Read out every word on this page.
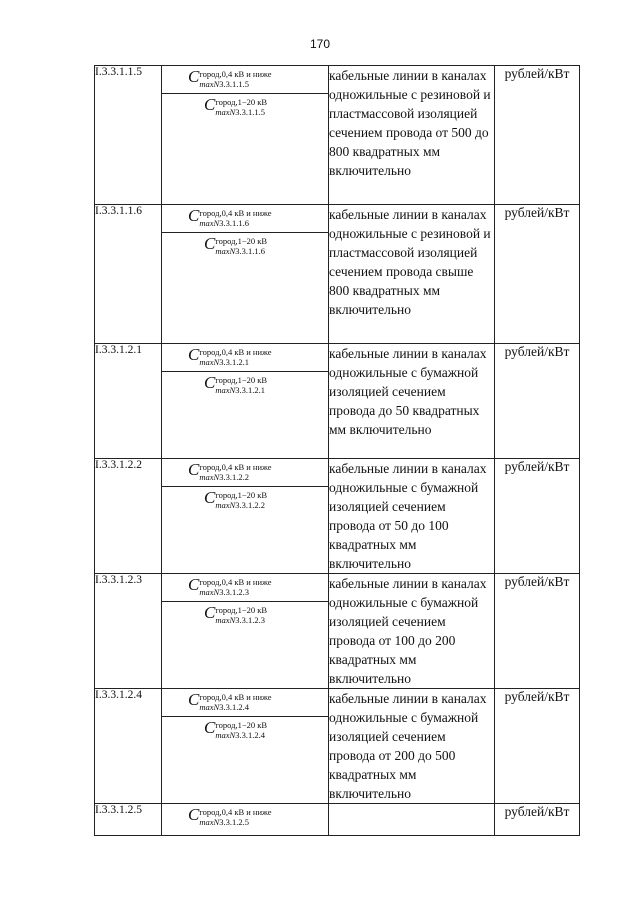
170
I.3.3.1.1.5	Cгород,0,4 кВ и ниже
maxN3.3.1.1.5
Cгород,1−20 кВ
maxN3.3.1.1.5	кабельные линии в каналах одножильные с резиновой и пластмассовой изоляцией сечением провода от 500 до 800 квадратных мм включительно	рублей/кВт
I.3.3.1.1.6	Cгород,0,4 кВ и ниже
maxN3.3.1.1.6
Cгород,1−20 кВ
maxN3.3.1.1.6	кабельные линии в каналах одножильные с резиновой и пластмассовой изоляцией сечением провода свыше 800 квадратных мм включительно	рублей/кВт
I.3.3.1.2.1	Cгород,0,4 кВ и ниже
maxN3.3.1.2.1
Cгород,1−20 кВ
maxN3.3.1.2.1	кабельные линии в каналах одножильные с бумажной изоляцией сечением провода до 50 квадратных мм включительно	рублей/кВт
I.3.3.1.2.2	Cгород,0,4 кВ и ниже
maxN3.3.1.2.2
Cгород,1−20 кВ
maxN3.3.1.2.2	кабельные линии в каналах одножильные с бумажной изоляцией сечением провода от 50 до 100 квадратных мм включительно	рублей/кВт
I.3.3.1.2.3	Cгород,0,4 кВ и ниже
maxN3.3.1.2.3
Cгород,1−20 кВ
maxN3.3.1.2.3	кабельные линии в каналах одножильные с бумажной изоляцией сечением провода от 100 до 200 квадратных мм включительно	рублей/кВт
I.3.3.1.2.4	Cгород,0,4 кВ и ниже
maxN3.3.1.2.4
Cгород,1−20 кВ
maxN3.3.1.2.4	кабельные линии в каналах одножильные с бумажной изоляцией сечением провода от 200 до 500 квадратных мм включительно	рублей/кВт
I.3.3.1.2.5	Cгород,0,4 кВ и ниже
maxN3.3.1.2.5		рублей/кВт
